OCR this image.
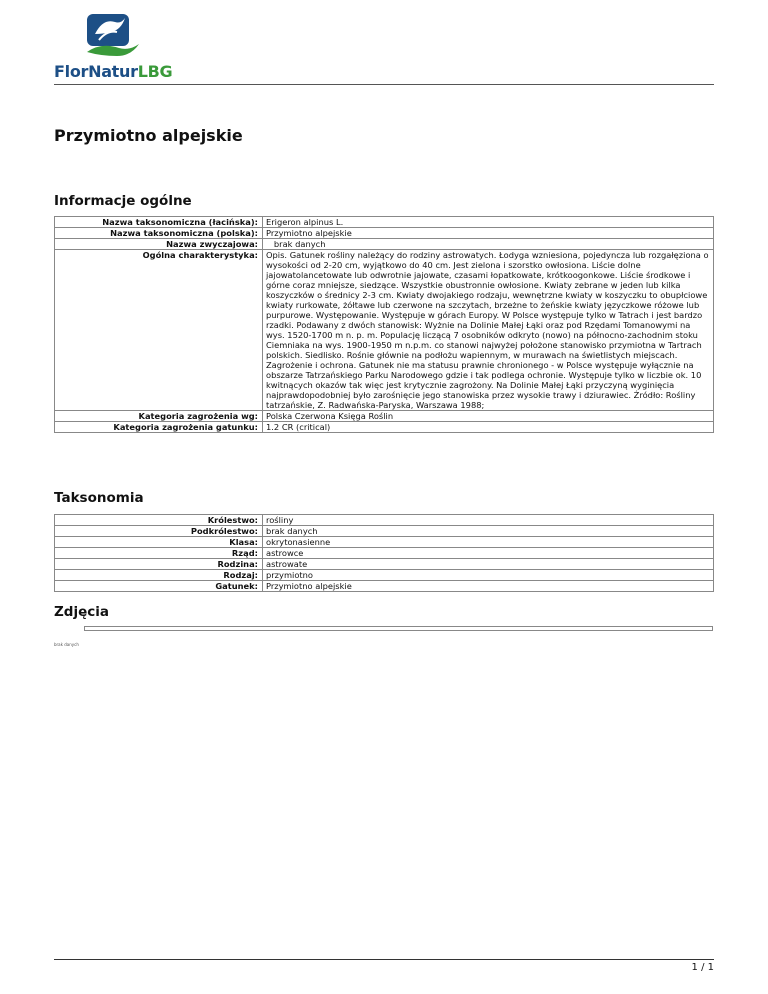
FlorNaturLBG
Przymiotno alpejskie
Informacje ogólne
Nazwa taksonomiczna (łacińska):	Erigeron alpinus L.
Nazwa taksonomiczna (polska):	Przymiotno alpejskie
Nazwa zwyczajowa:	brak danych
Ogólna charakterystyka:	Opis. Gatunek rośliny należący do rodziny astrowatych. Łodyga wzniesiona, pojedyncza lub rozgałęziona o wysokości od 2-20 cm, wyjątkowo do 40 cm. Jest zielona i szorstko owłosiona. Liście dolne jajowatolancetowate lub odwrotnie jajowate, czasami łopatkowate, krótkoogonkowe. Liście środkowe i górne coraz mniejsze, siedzące. Wszystkie obustronnie owłosione. Kwiaty zebrane w jeden lub kilka koszyczków o średnicy 2-3 cm. Kwiaty dwojakiego rodzaju, wewnętrzne kwiaty w koszyczku to obupłciowe kwiaty rurkowate, żółtawe lub czerwone na szczytach, brzeżne to żeńskie kwiaty języczkowe różowe lub purpurowe. Występowanie. Występuje w górach Europy. W Polsce występuje tylko w Tatrach i jest bardzo rzadki. Podawany z dwóch stanowisk: Wyżnie na Dolinie Małej Łąki oraz pod Rzędami Tomanowymi na wys. 1520-1700 m n. p. m. Populację liczącą 7 osobników odkryto (nowo) na północno-zachodnim stoku Ciemniaka na wys. 1900-1950 m n.p.m. co stanowi najwyżej położone stanowisko przymiotna w Tartrach polskich. Siedlisko. Rośnie głównie na podłożu wapiennym, w murawach na świetlistych miejscach. Zagrożenie i ochrona. Gatunek nie ma statusu prawnie chronionego - w Polsce występuje wyłącznie na obszarze Tatrzańskiego Parku Narodowego gdzie i tak podlega ochronie. Występuje tylko w liczbie ok. 10 kwitnących okazów tak więc jest krytycznie zagrożony. Na Dolinie Małej Łąki przyczyną wyginięcia najprawdopodobniej było zarośnięcie jego stanowiska przez wysokie trawy i dziurawiec. Źródło: Rośliny tatrzańskie, Z. Radwańska-Paryska, Warszawa 1988;
Kategoria zagrożenia wg:	Polska Czerwona Księga Roślin
Kategoria zagrożenia gatunku:	1.2 CR (critical)
Taksonomia
Królestwo:	rośliny
Podkrólestwo:	brak danych
Klasa:	okrytonasienne
Rząd:	astrowce
Rodzina:	astrowate
Rodzaj:	przymiotno
Gatunek:	Przymiotno alpejskie
Zdjęcia
brak danych
1 / 1
